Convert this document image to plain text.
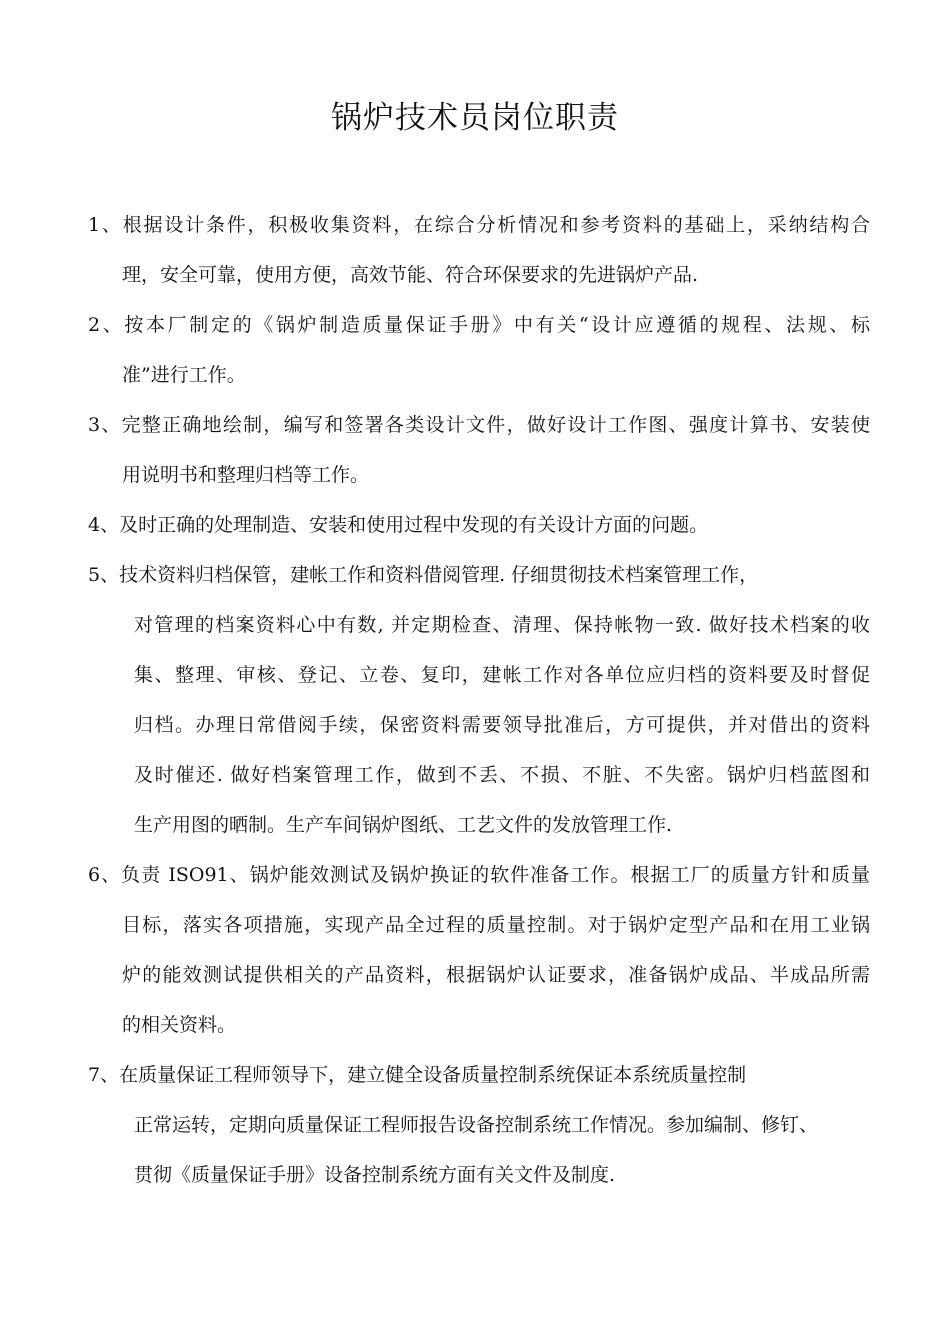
锅炉技术员岗位职责
1、根据设计条件，积极收集资料，在综合分析情况和参考资料的基础上，采纳结构合
理，安全可靠，使用方便，高效节能、符合环保要求的先进锅炉产品.
2、按本厂制定的《锅炉制造质量保证手册》中有关“设计应遵循的规程、法规、标
准”进行工作。
3、完整正确地绘制，编写和签署各类设计文件，做好设计工作图、强度计算书、安装使
用说明书和整理归档等工作。
4、及时正确的处理制造、安装和使用过程中发现的有关设计方面的问题。
5、技术资料归档保管，建帐工作和资料借阅管理. 仔细贯彻技术档案管理工作，
对管理的档案资料心中有数, 并定期检查、清理、保持帐物一致. 做好技术档案的收
集、整理、审核、登记、立卷、复印，建帐工作对各单位应归档的资料要及时督促
归档。办理日常借阅手续，保密资料需要领导批准后，方可提供，并对借出的资料
及时催还. 做好档案管理工作，做到不丢、不损、不脏、不失密。锅炉归档蓝图和
生产用图的晒制。生产车间锅炉图纸、工艺文件的发放管理工作.
6、负责 ISO91、锅炉能效测试及锅炉换证的软件准备工作。根据工厂的质量方针和质量
目标，落实各项措施，实现产品全过程的质量控制。对于锅炉定型产品和在用工业锅
炉的能效测试提供相关的产品资料，根据锅炉认证要求，准备锅炉成品、半成品所需
的相关资料。
7、在质量保证工程师领导下，建立健全设备质量控制系统保证本系统质量控制
正常运转，定期向质量保证工程师报告设备控制系统工作情况。参加编制、修钉、
贯彻《质量保证手册》设备控制系统方面有关文件及制度.
